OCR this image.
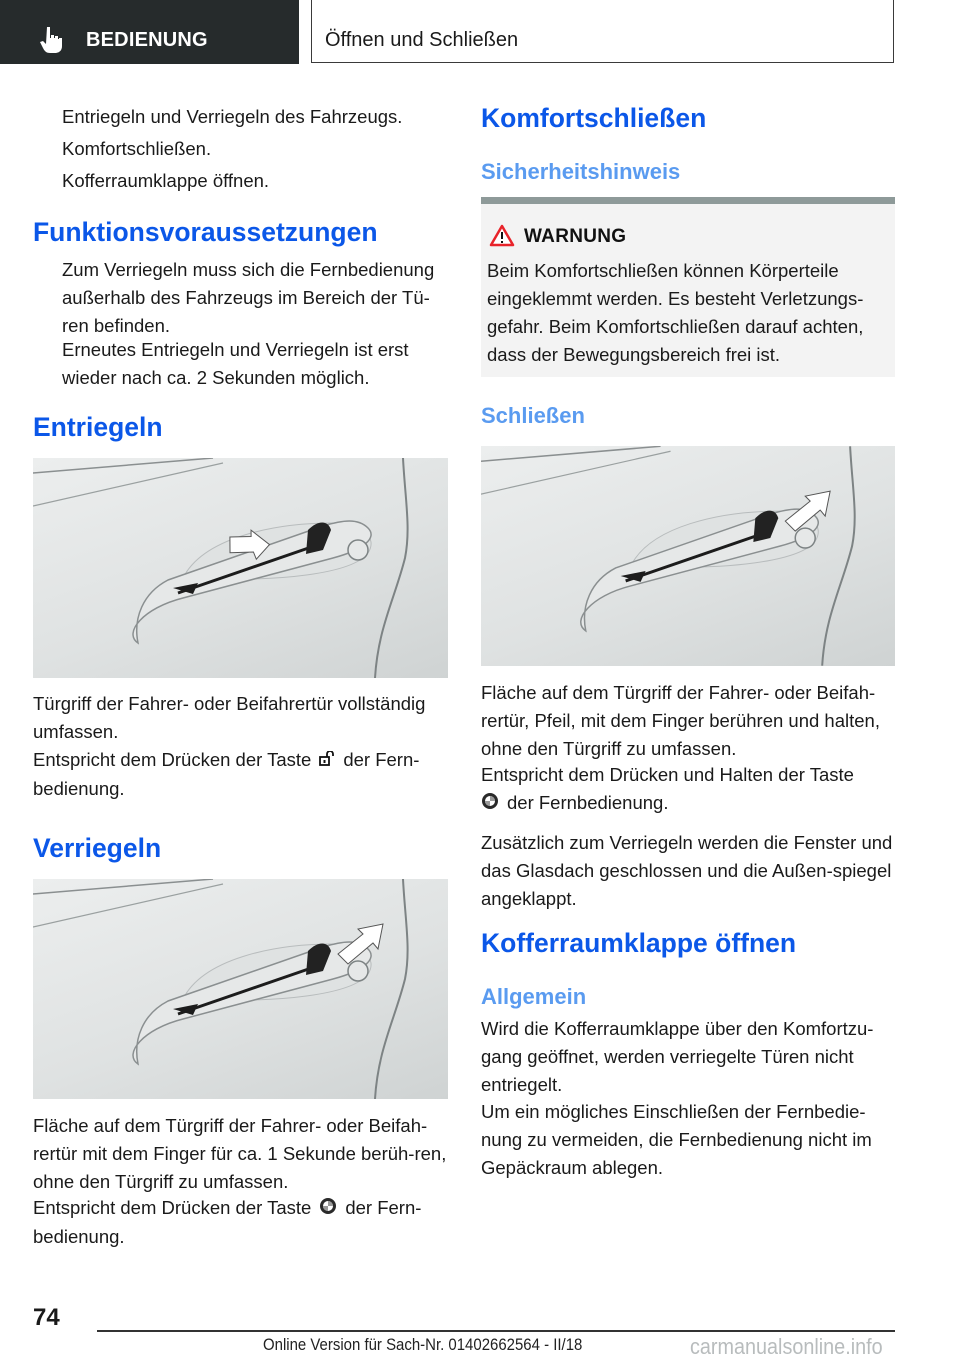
BEDIENUNG	Öffnen und Schließen
Entriegeln und Verriegeln des Fahrzeugs.
Komfortschließen.
Kofferraumklappe öffnen.
Funktionsvoraussetzungen
Zum Verriegeln muss sich die Fernbedienung außerhalb des Fahrzeugs im Bereich der Tü-ren befinden.
Erneutes Entriegeln und Verriegeln ist erst wieder nach ca. 2 Sekunden möglich.
Entriegeln
Türgriff der Fahrer- oder Beifahrertür vollständig umfassen.
Entspricht dem Drücken der Taste der Fern-bedienung.
Verriegeln
Fläche auf dem Türgriff der Fahrer- oder Beifah-rertür mit dem Finger für ca. 1 Sekunde berüh-ren, ohne den Türgriff zu umfassen.
Entspricht dem Drücken der Taste der Fern-bedienung.
Komfortschließen
Sicherheitshinweis
WARNUNG
Beim Komfortschließen können Körperteile eingeklemmt werden. Es besteht Verletzungs-gefahr. Beim Komfortschließen darauf achten, dass der Bewegungsbereich frei ist.
Schließen
Fläche auf dem Türgriff der Fahrer- oder Beifah-rertür, Pfeil, mit dem Finger berühren und halten, ohne den Türgriff zu umfassen.
Entspricht dem Drücken und Halten der Taste
der Fernbedienung.
Zusätzlich zum Verriegeln werden die Fenster und das Glasdach geschlossen und die Außen-spiegel angeklappt.
Kofferraumklappe öffnen
Allgemein
Wird die Kofferraumklappe über den Komfortzu-gang geöffnet, werden verriegelte Türen nicht entriegelt.
Um ein mögliches Einschließen der Fernbedie-nung zu vermeiden, die Fernbedienung nicht im Gepäckraum ablegen.
74
Online Version für Sach-Nr. 01402662564 - II/18	carmanualsonline.info
